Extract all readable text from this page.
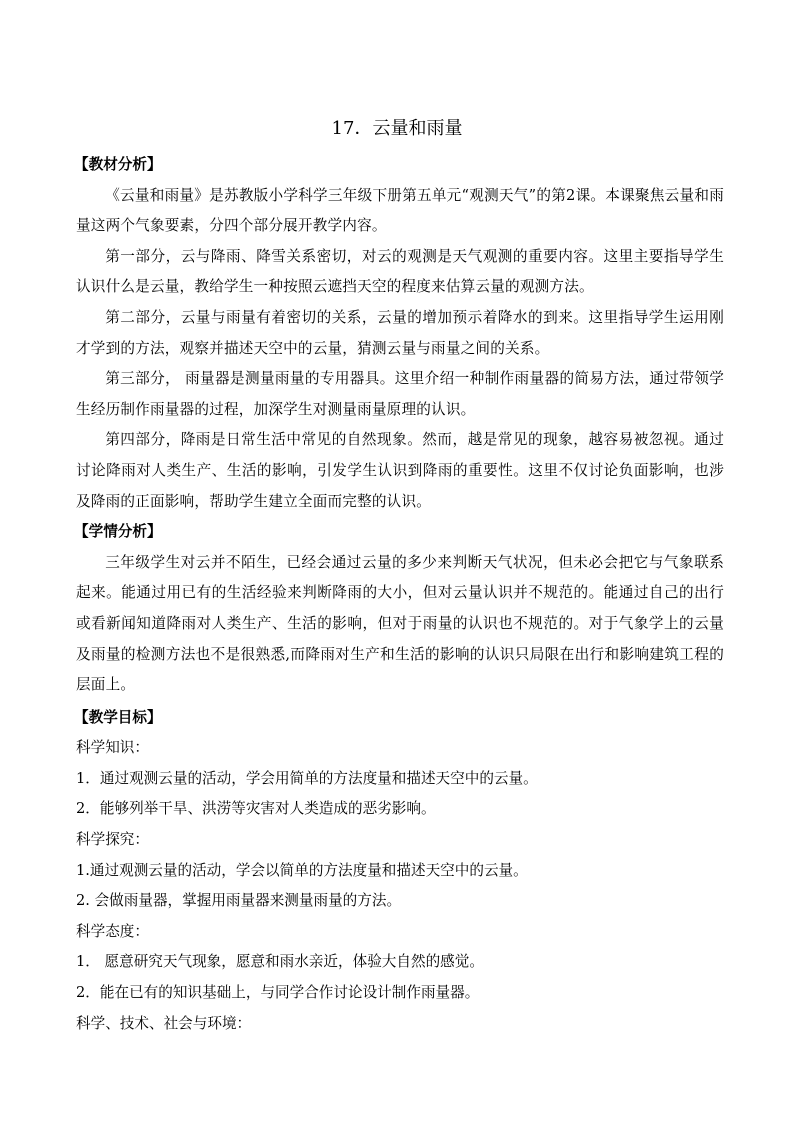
17．云量和雨量
【教材分析】

《云量和雨量》是苏教版小学科学三年级下册第五单元“观测天气”的第2课。本课聚焦云量和雨量这两个气象要素，分四个部分展开教学内容。

第一部分，云与降雨、降雪关系密切，对云的观测是天气观测的重要内容。这里主要指导学生认识什么是云量，教给学生一种按照云遮挡天空的程度来估算云量的观测方法。

第二部分，云量与雨量有着密切的关系，云量的增加预示着降水的到来。这里指导学生运用刚才学到的方法，观察并描述天空中的云量，猜测云量与雨量之间的关系。

第三部分， 雨量器是测量雨量的专用器具。这里介绍一种制作雨量器的简易方法，通过带领学生经历制作雨量器的过程，加深学生对测量雨量原理的认识。

第四部分，降雨是日常生活中常见的自然现象。然而，越是常见的现象，越容易被忽视。通过讨论降雨对人类生产、生活的影响，引发学生认识到降雨的重要性。这里不仅讨论负面影响，也涉及降雨的正面影响，帮助学生建立全面而完整的认识。

【学情分析】

三年级学生对云并不陌生，已经会通过云量的多少来判断天气状况，但未必会把它与气象联系起来。能通过用已有的生活经验来判断降雨的大小，但对云量认识并不规范的。能通过自己的出行或看新闻知道降雨对人类生产、生活的影响，但对于雨量的认识也不规范的。对于气象学上的云量及雨量的检测方法也不是很熟悉,而降雨对生产和生活的影响的认识只局限在出行和影响建筑工程的层面上。

【教学目标】

科学知识：

1．通过观测云量的活动，学会用简单的方法度量和描述天空中的云量。

2．能够列举干旱、洪涝等灾害对人类造成的恶劣影响。

科学探究：

1.通过观测云量的活动，学会以简单的方法度量和描述天空中的云量。

2. 会做雨量器，掌握用雨量器来测量雨量的方法。

科学态度：

1． 愿意研究天气现象，愿意和雨水亲近，体验大自然的感觉。

2．能在已有的知识基础上，与同学合作讨论设计制作雨量器。

科学、技术、社会与环境：
